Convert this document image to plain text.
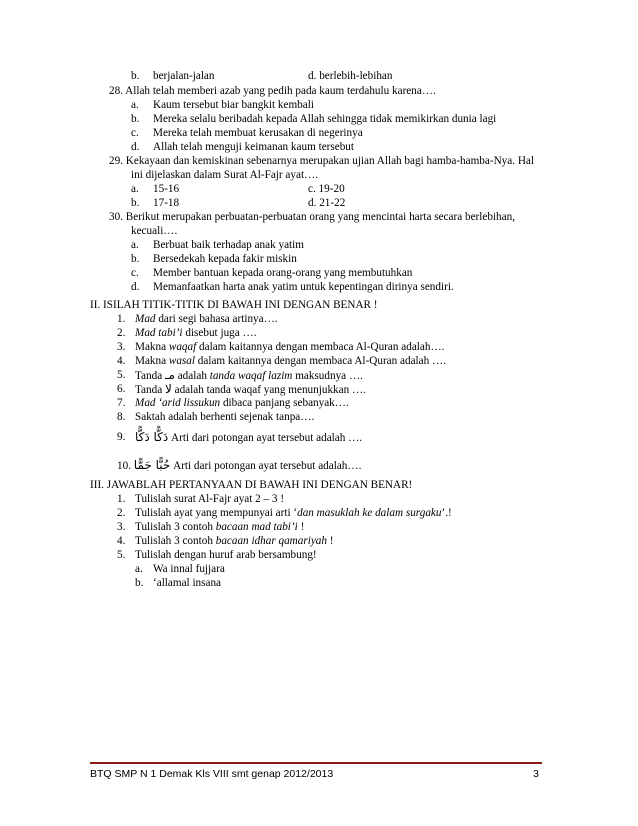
b. berjalan-jalan	d. berlebih-lebihan
28. Allah telah memberi azab yang pedih pada kaum terdahulu karena….
a. Kaum tersebut biar bangkit kembali
b. Mereka selalu beribadah kepada Allah sehingga tidak memikirkan dunia lagi
c. Mereka telah membuat kerusakan di negerinya
d. Allah telah menguji keimanan kaum tersebut
29. Kekayaan dan kemiskinan sebenarnya merupakan ujian Allah bagi hamba-hamba-Nya. Hal
ini dijelaskan dalam Surat Al-Fajr ayat….
a. 15-16	c. 19-20
b. 17-18	d. 21-22
30. Berikut merupakan perbuatan-perbuatan orang yang mencintai harta secara berlebihan,
kecuali….
a. Berbuat baik terhadap anak yatim
b. Bersedekah kepada fakir miskin
c. Member bantuan kepada orang-orang yang membutuhkan
d. Memanfaatkan harta anak yatim untuk kepentingan dirinya sendiri.
II. ISILAH TITIK-TITIK DI BAWAH INI DENGAN BENAR !
1. Mad dari segi bahasa artinya….
2. Mad tabi’i disebut juga ….
3. Makna waqaf dalam kaitannya dengan membaca Al-Quran adalah….
4. Makna wasal dalam kaitannya dengan membaca Al-Quran adalah ….
5. Tanda مـ adalah tanda waqaf lazim maksudnya ….
6. Tanda لا adalah tanda waqaf yang menunjukkan ….
7. Mad ‘arid lissukun dibaca panjang sebanyak….
8. Saktah adalah berhenti sejenak tanpa….
9. دَكًّا دَكًّا Arti dari potongan ayat tersebut adalah ….
10. حُبًّا جَمًّا Arti dari potongan ayat tersebut adalah….
III. JAWABLAH PERTANYAAN DI BAWAH INI DENGAN BENAR!
1. Tulislah surat Al-Fajr ayat 2 – 3 !
2. Tulislah ayat yang mempunyai arti ‘dan masuklah ke dalam surgaku’.!
3. Tulislah 3 contoh bacaan mad tabi’i !
4. Tulislah 3 contoh bacaan idhar qamariyah !
5. Tulislah dengan huruf arab bersambung!
a. Wa innal fujjara
b. ‘allamal insana
BTQ SMP N 1 Demak Kls VIII smt genap 2012/2013	3
